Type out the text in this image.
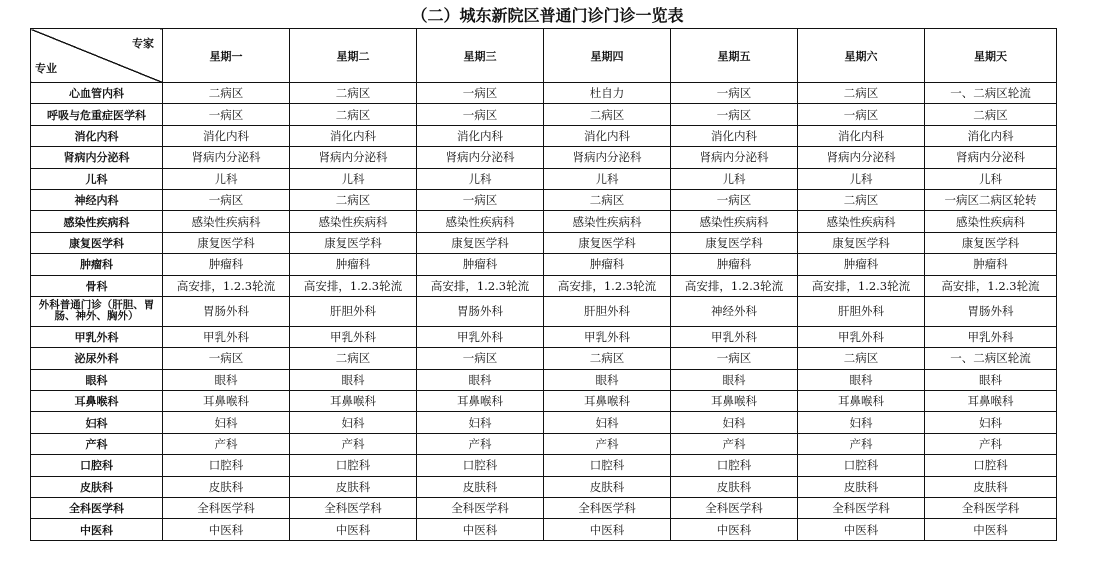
（二）城东新院区普通门诊门诊一览表
专家
专业	星期一	星期二	星期三	星期四	星期五	星期六	星期天
心血管内科	二病区	二病区	一病区	杜自力	一病区	二病区	一、二病区轮流
呼吸与危重症医学科	一病区	二病区	一病区	二病区	一病区	一病区	二病区
消化内科	消化内科	消化内科	消化内科	消化内科	消化内科	消化内科	消化内科
肾病内分泌科	肾病内分泌科	肾病内分泌科	肾病内分泌科	肾病内分泌科	肾病内分泌科	肾病内分泌科	肾病内分泌科
儿科	儿科	儿科	儿科	儿科	儿科	儿科	儿科
神经内科	一病区	二病区	一病区	二病区	一病区	二病区	一病区二病区轮转
感染性疾病科	感染性疾病科	感染性疾病科	感染性疾病科	感染性疾病科	感染性疾病科	感染性疾病科	感染性疾病科
康复医学科	康复医学科	康复医学科	康复医学科	康复医学科	康复医学科	康复医学科	康复医学科
肿瘤科	肿瘤科	肿瘤科	肿瘤科	肿瘤科	肿瘤科	肿瘤科	肿瘤科
骨科	高安排，1.2.3轮流	高安排，1.2.3轮流	高安排，1.2.3轮流	高安排，1.2.3轮流	高安排，1.2.3轮流	高安排，1.2.3轮流	高安排，1.2.3轮流
外科普通门诊（肝胆、胃肠、神外、胸外）	胃肠外科	肝胆外科	胃肠外科	肝胆外科	神经外科	肝胆外科	胃肠外科
甲乳外科	甲乳外科	甲乳外科	甲乳外科	甲乳外科	甲乳外科	甲乳外科	甲乳外科
泌尿外科	一病区	二病区	一病区	二病区	一病区	二病区	一、二病区轮流
眼科	眼科	眼科	眼科	眼科	眼科	眼科	眼科
耳鼻喉科	耳鼻喉科	耳鼻喉科	耳鼻喉科	耳鼻喉科	耳鼻喉科	耳鼻喉科	耳鼻喉科
妇科	妇科	妇科	妇科	妇科	妇科	妇科	妇科
产科	产科	产科	产科	产科	产科	产科	产科
口腔科	口腔科	口腔科	口腔科	口腔科	口腔科	口腔科	口腔科
皮肤科	皮肤科	皮肤科	皮肤科	皮肤科	皮肤科	皮肤科	皮肤科
全科医学科	全科医学科	全科医学科	全科医学科	全科医学科	全科医学科	全科医学科	全科医学科
中医科	中医科	中医科	中医科	中医科	中医科	中医科	中医科
